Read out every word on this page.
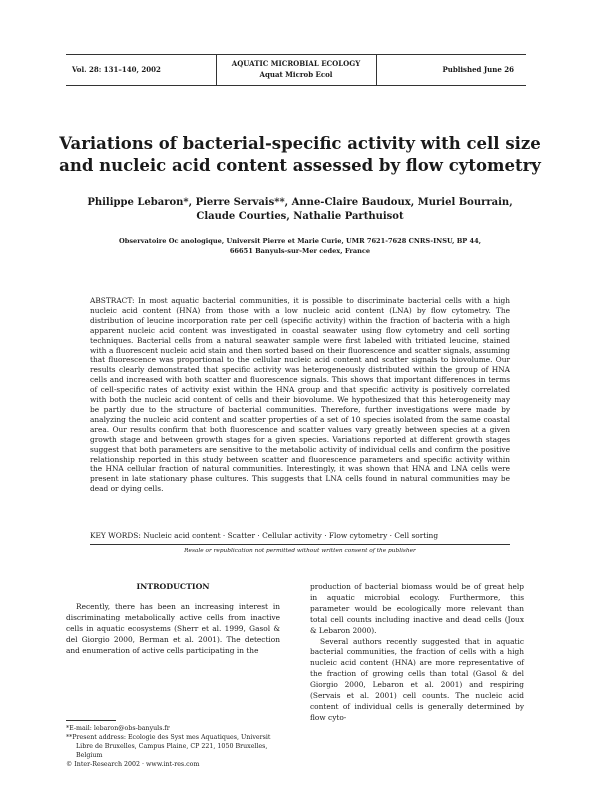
Vol. 28: 131–140, 2002
AQUATIC MICROBIAL ECOLOGY
Aquat Microb Ecol
Published June 26
Variations of bacterial-specific activity with cell size and nucleic acid content assessed by flow cytometry
Philippe Lebaron*, Pierre Servais**, Anne-Claire Baudoux, Muriel Bourrain,
Claude Courties, Nathalie Parthuisot
Observatoire Oc anologique, Universit Pierre et Marie Curie, UMR 7621-7628 CNRS-INSU, BP 44,
66651 Banyuls-sur-Mer cedex, France
ABSTRACT: In most aquatic bacterial communities, it is possible to discriminate bacterial cells with a high nucleic acid content (HNA) from those with a low nucleic acid content (LNA) by flow cytometry. The distribution of leucine incorporation rate per cell (specific activity) within the fraction of bacteria with a high apparent nucleic acid content was investigated in coastal seawater using flow cytometry and cell sorting techniques. Bacterial cells from a natural seawater sample were first labeled with tritiated leucine, stained with a fluorescent nucleic acid stain and then sorted based on their fluorescence and scatter signals, assuming that fluorescence was proportional to the cellular nucleic acid content and scatter signals to biovolume. Our results clearly demonstrated that specific activity was heterogeneously distributed within the group of HNA cells and increased with both scatter and fluorescence signals. This shows that important differences in terms of cell-specific rates of activity exist within the HNA group and that specific activity is positively correlated with both the nucleic acid content of cells and their biovolume. We hypothesized that this heterogeneity may be partly due to the structure of bacterial communities. Therefore, further investigations were made by analyzing the nucleic acid content and scatter properties of a set of 10 species isolated from the same coastal area. Our results confirm that both fluorescence and scatter values vary greatly between species at a given growth stage and between growth stages for a given species. Variations reported at different growth stages suggest that both parameters are sensitive to the metabolic activity of individual cells and confirm the positive relationship reported in this study between scatter and fluorescence parameters and specific activity within the HNA cellular fraction of natural communities. Interestingly, it was shown that HNA and LNA cells were present in late stationary phase cultures. This suggests that LNA cells found in natural communities may be dead or dying cells.
KEY WORDS: Nucleic acid content · Scatter · Cellular activity · Flow cytometry · Cell sorting
Resale or republication not permitted without written consent of the publisher
INTRODUCTION

Recently, there has been an increasing interest in discriminating metabolically active cells from inactive cells in aquatic ecosystems (Sherr et al. 1999, Gasol & del Giorgio 2000, Berman et al. 2001). The detection and enumeration of active cells participating in the

production of bacterial biomass would be of great help in aquatic microbial ecology. Furthermore, this parameter would be ecologically more relevant than total cell counts including inactive and dead cells (Joux & Lebaron 2000).

Several authors recently suggested that in aquatic bacterial communities, the fraction of cells with a high nucleic acid content (HNA) are more representative of the fraction of growing cells than total (Gasol & del Giorgio 2000, Lebaron et al. 2001) and respiring (Servais et al. 2001) cell counts. The nucleic acid content of individual cells is generally determined by flow cyto-

*E-mail: lebaron@obs-banyuls.fr
**Present address: Ecologie des Syst mes Aquatiques, Universit Libre de Bruxelles, Campus Plaine, CP 221, 1050 Bruxelles, Belgium
© Inter-Research 2002 · www.int-res.com
